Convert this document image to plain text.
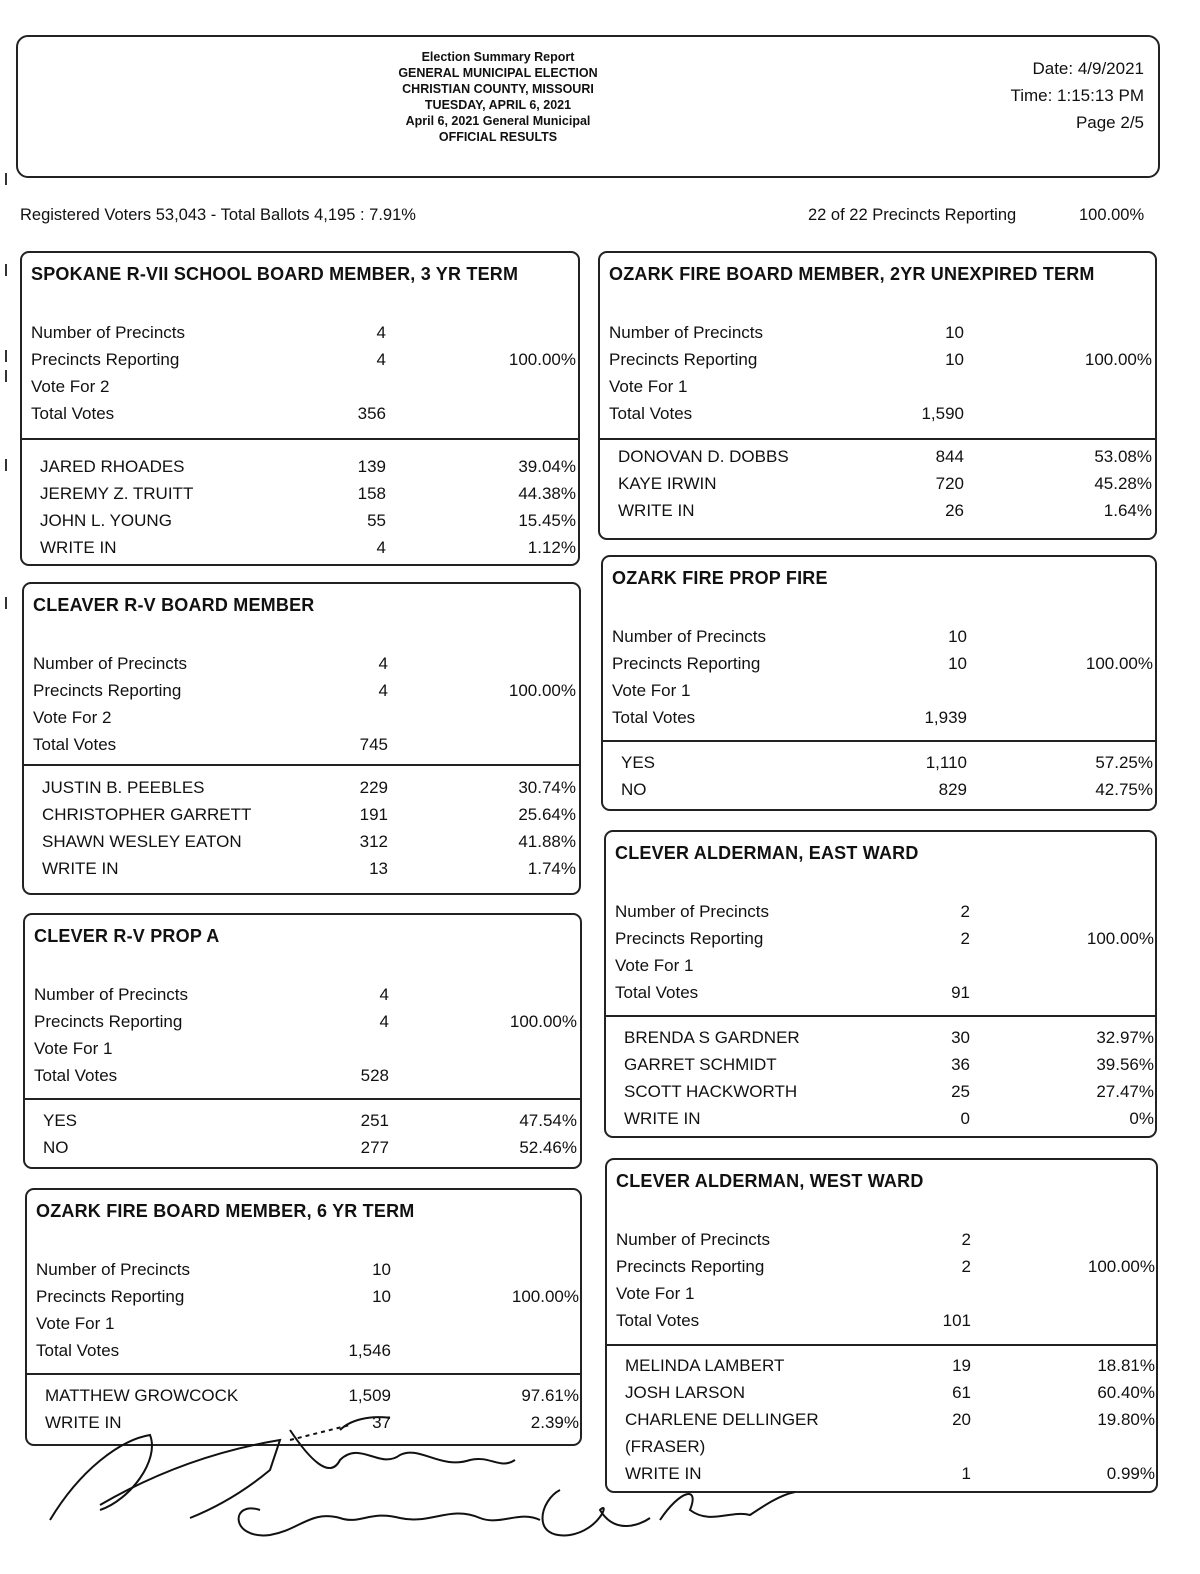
Election Summary Report
GENERAL MUNICIPAL ELECTION
CHRISTIAN COUNTY, MISSOURI
TUESDAY, APRIL 6, 2021
April 6, 2021 General Municipal
OFFICIAL RESULTS
Date: 4/9/2021
Time: 1:15:13 PM
Page 2/5
Registered Voters 53,043 - Total Ballots 4,195 : 7.91%	22 of 22 Precincts Reporting	100.00%
SPOKANE R-VII SCHOOL BOARD MEMBER, 3 YR TERM
Number of Precincts	4
Precincts Reporting	4	100.00%
Vote For 2
Total Votes	356
JARED RHOADES	139	39.04%
JEREMY Z. TRUITT	158	44.38%
JOHN L. YOUNG	55	15.45%
WRITE IN	4	1.12%
CLEAVER R-V BOARD MEMBER
Number of Precincts	4
Precincts Reporting	4	100.00%
Vote For 2
Total Votes	745
JUSTIN B. PEEBLES	229	30.74%
CHRISTOPHER GARRETT	191	25.64%
SHAWN WESLEY EATON	312	41.88%
WRITE IN	13	1.74%
CLEVER R-V PROP A
Number of Precincts	4
Precincts Reporting	4	100.00%
Vote For 1
Total Votes	528
YES	251	47.54%
NO	277	52.46%
OZARK FIRE BOARD MEMBER, 6 YR TERM
Number of Precincts	10
Precincts Reporting	10	100.00%
Vote For 1
Total Votes	1,546
MATTHEW GROWCOCK	1,509	97.61%
WRITE IN	37	2.39%
OZARK FIRE BOARD MEMBER, 2YR UNEXPIRED TERM
Number of Precincts	10
Precincts Reporting	10	100.00%
Vote For 1
Total Votes	1,590
DONOVAN D. DOBBS	844	53.08%
KAYE IRWIN	720	45.28%
WRITE IN	26	1.64%
OZARK FIRE PROP FIRE
Number of Precincts	10
Precincts Reporting	10	100.00%
Vote For 1
Total Votes	1,939
YES	1,110	57.25%
NO	829	42.75%
CLEVER ALDERMAN, EAST WARD
Number of Precincts	2
Precincts Reporting	2	100.00%
Vote For 1
Total Votes	91
BRENDA S GARDNER	30	32.97%
GARRET SCHMIDT	36	39.56%
SCOTT HACKWORTH	25	27.47%
WRITE IN	0	0%
CLEVER ALDERMAN, WEST WARD
Number of Precincts	2
Precincts Reporting	2	100.00%
Vote For 1
Total Votes	101
MELINDA LAMBERT	19	18.81%
JOSH LARSON	61	60.40%
CHARLENE DELLINGER	20	19.80%
(FRASER)
WRITE IN	1	0.99%
